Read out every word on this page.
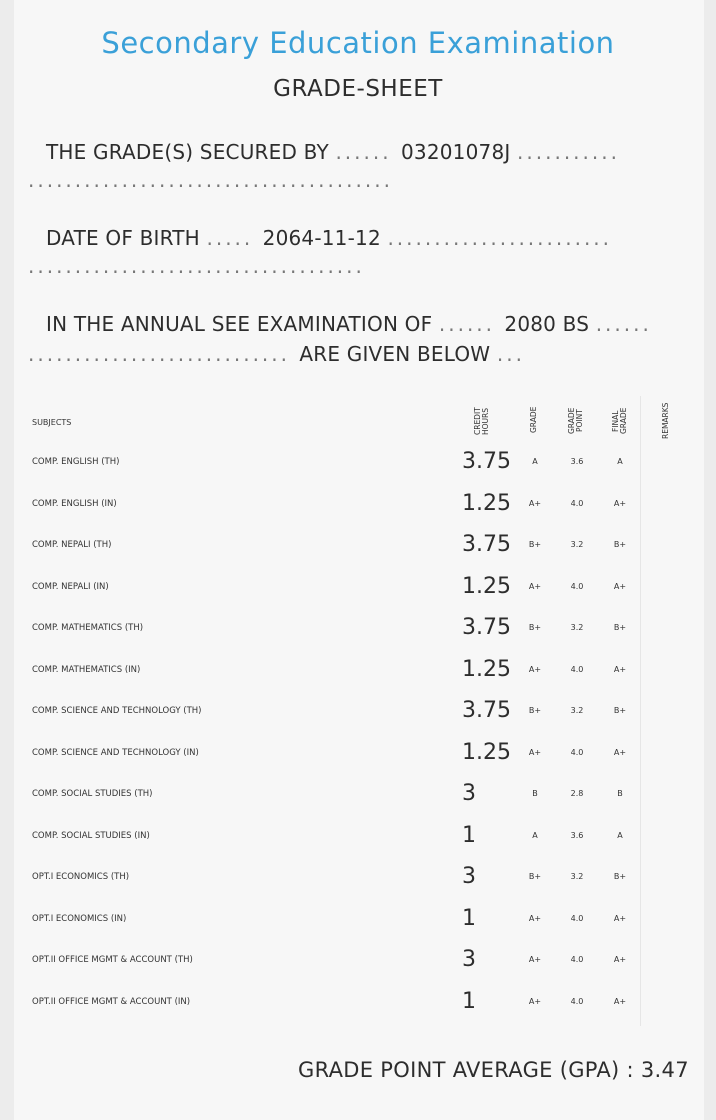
Secondary Education Examination
GRADE-SHEET
THE GRADE(S) SECURED BY ...... 03201078J ...........
.......................................
DATE OF BIRTH ..... 2064-11-12 ........................
....................................
IN THE ANNUAL SEE EXAMINATION OF ...... 2080 BS ......
............................ ARE GIVEN BELOW ...
SUBJECTS	CREDIT HOURS	GRADE	GRADE POINT	FINAL GRADE	REMARKS
COMP. ENGLISH (TH)	3.75	A	3.6	A
COMP. ENGLISH (IN)	1.25	A+	4.0	A+
COMP. NEPALI (TH)	3.75	B+	3.2	B+
COMP. NEPALI (IN)	1.25	A+	4.0	A+
COMP. MATHEMATICS (TH)	3.75	B+	3.2	B+
COMP. MATHEMATICS (IN)	1.25	A+	4.0	A+
COMP. SCIENCE AND TECHNOLOGY (TH)	3.75	B+	3.2	B+
COMP. SCIENCE AND TECHNOLOGY (IN)	1.25	A+	4.0	A+
COMP. SOCIAL STUDIES (TH)	3	B	2.8	B
COMP. SOCIAL STUDIES (IN)	1	A	3.6	A
OPT.I ECONOMICS (TH)	3	B+	3.2	B+
OPT.I ECONOMICS (IN)	1	A+	4.0	A+
OPT.II OFFICE MGMT & ACCOUNT (TH)	3	A+	4.0	A+
OPT.II OFFICE MGMT & ACCOUNT (IN)	1	A+	4.0	A+
GRADE POINT AVERAGE (GPA) : 3.47
